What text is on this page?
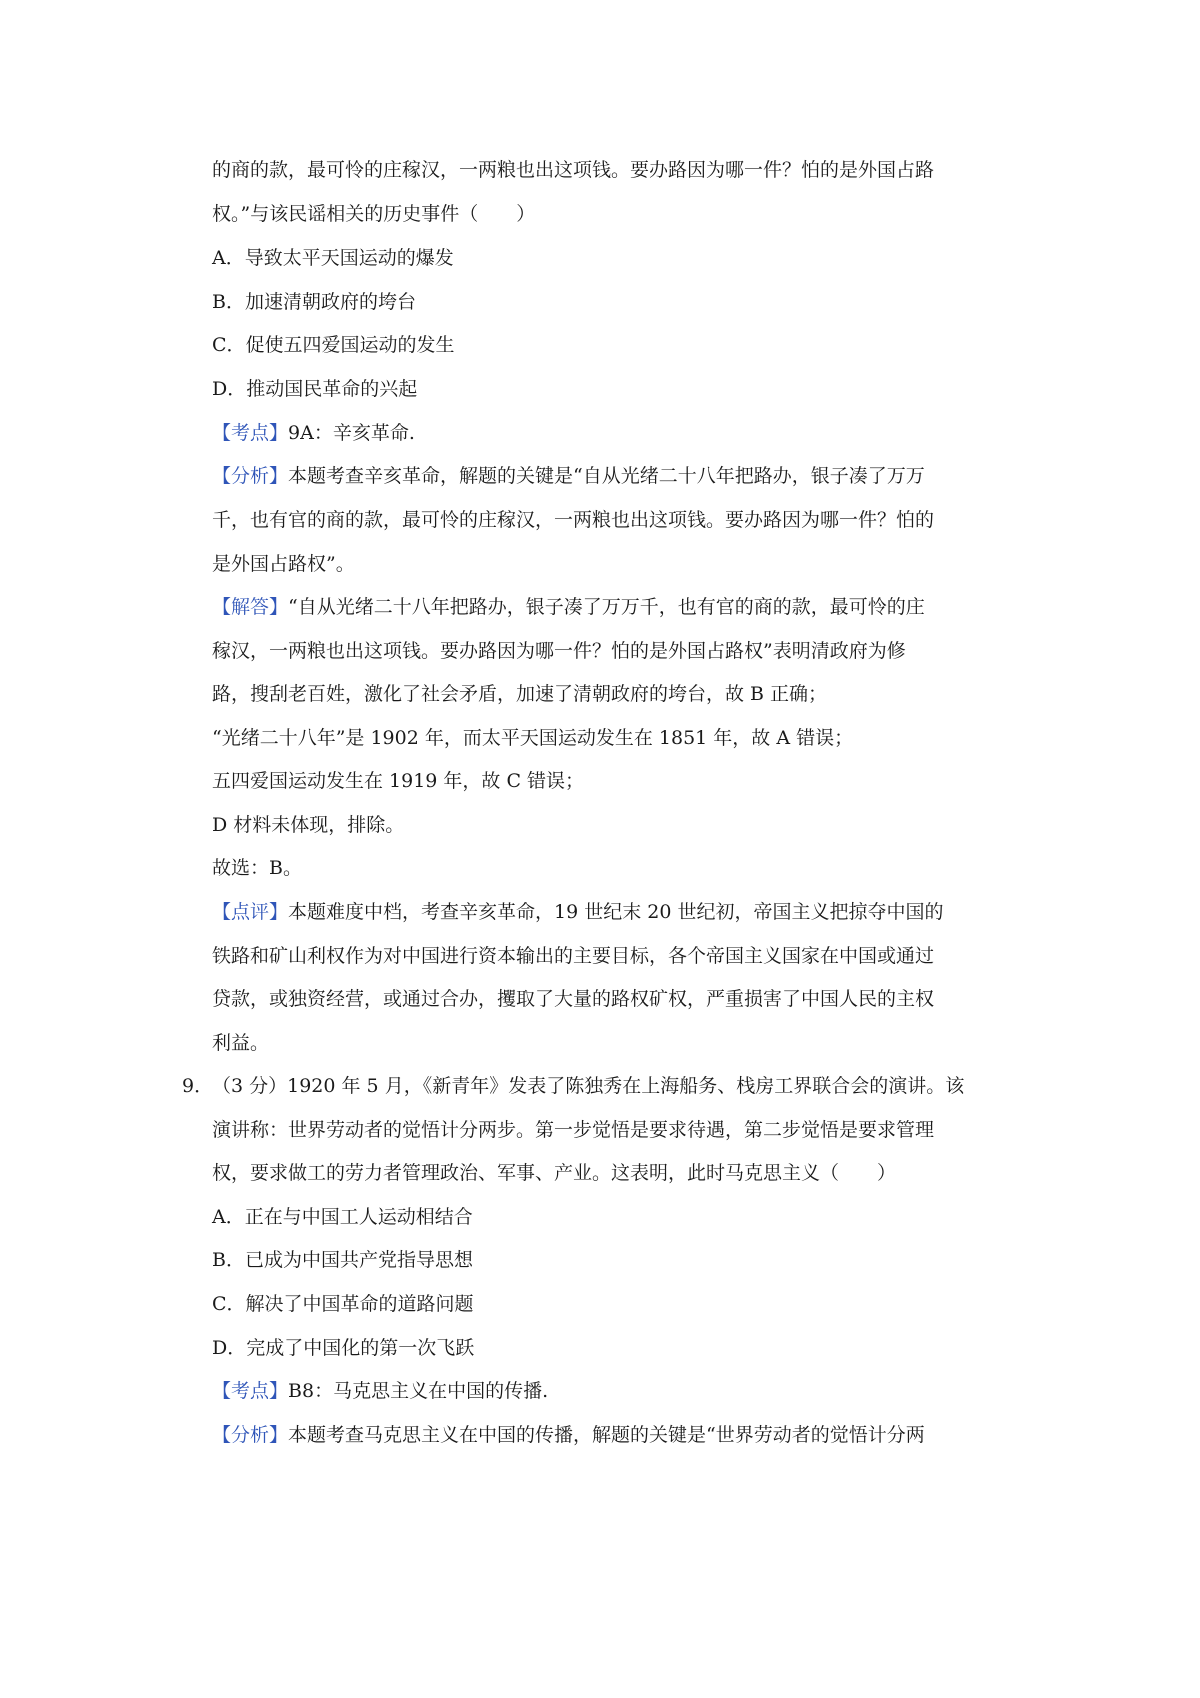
的商的款，最可怜的庄稼汉，一两粮也出这项钱。要办路因为哪一件？怕的是外国占路
权。”与该民谣相关的历史事件（　　）
A．导致太平天国运动的爆发
B．加速清朝政府的垮台
C．促使五四爱国运动的发生
D．推动国民革命的兴起
【考点】9A：辛亥革命.
【分析】本题考查辛亥革命，解题的关键是“自从光绪二十八年把路办，银子凑了万万
千，也有官的商的款，最可怜的庄稼汉，一两粮也出这项钱。要办路因为哪一件？怕的
是外国占路权”。
【解答】“自从光绪二十八年把路办，银子凑了万万千，也有官的商的款，最可怜的庄
稼汉，一两粮也出这项钱。要办路因为哪一件？怕的是外国占路权”表明清政府为修
路，搜刮老百姓，激化了社会矛盾，加速了清朝政府的垮台，故 B 正确；
“光绪二十八年”是 1902 年，而太平天国运动发生在 1851 年，故 A 错误；
五四爱国运动发生在 1919 年，故 C 错误；
D 材料未体现，排除。
故选：B。
【点评】本题难度中档，考查辛亥革命，19 世纪末 20 世纪初，帝国主义把掠夺中国的
铁路和矿山利权作为对中国进行资本输出的主要目标，各个帝国主义国家在中国或通过
贷款，或独资经营，或通过合办，攫取了大量的路权矿权，严重损害了中国人民的主权
利益。
9．
（3 分）1920 年 5 月，《新青年》发表了陈独秀在上海船务、栈房工界联合会的演讲。该
演讲称：世界劳动者的觉悟计分两步。第一步觉悟是要求待遇，第二步觉悟是要求管理
权，要求做工的劳力者管理政治、军事、产业。这表明，此时马克思主义（　　）
A．正在与中国工人运动相结合
B．已成为中国共产党指导思想
C．解决了中国革命的道路问题
D．完成了中国化的第一次飞跃
【考点】B8：马克思主义在中国的传播.
【分析】本题考查马克思主义在中国的传播，解题的关键是“世界劳动者的觉悟计分两
